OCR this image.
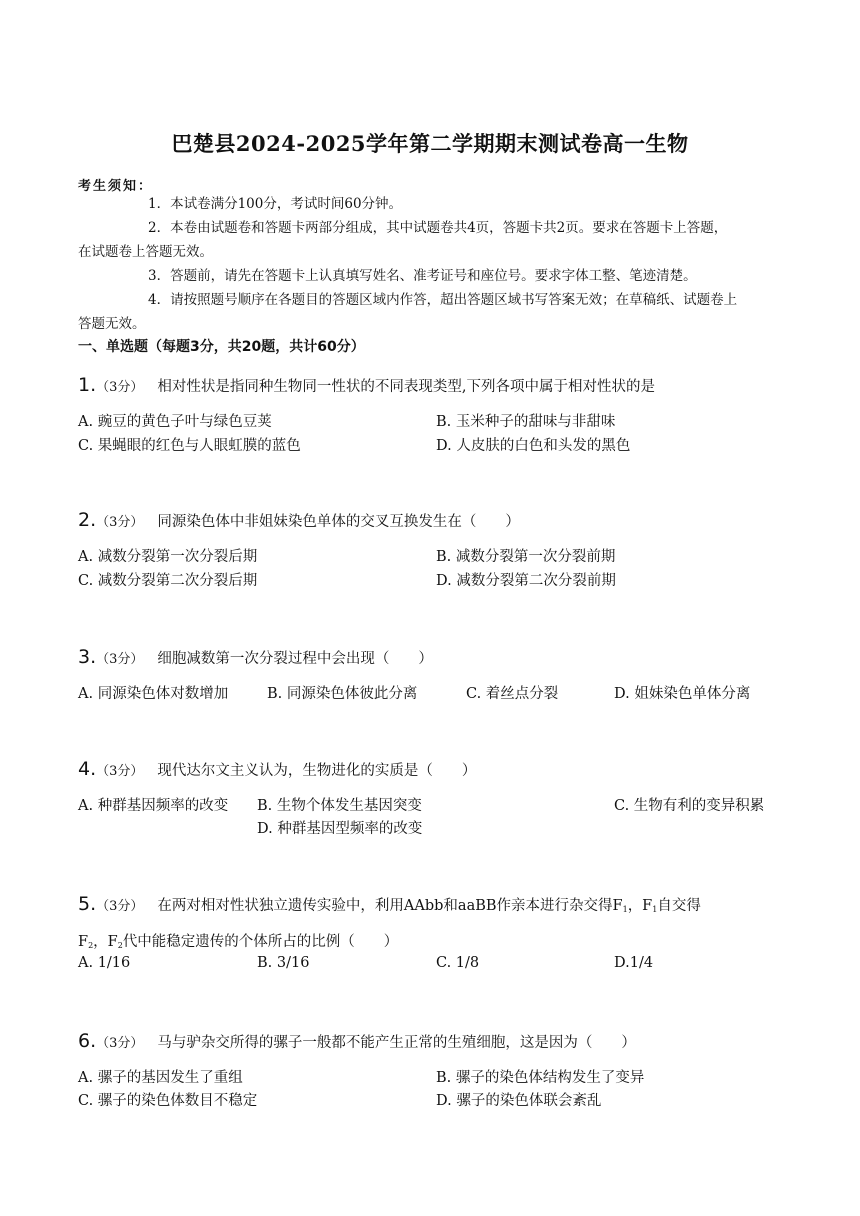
巴楚县2024-2025学年第二学期期末测试卷高一生物
考生须知：
1．本试卷满分100分，考试时间60分钟。
2．本卷由试题卷和答题卡两部分组成，其中试题卷共4页，答题卡共2页。要求在答题卡上答题，
在试题卷上答题无效。
3．答题前，请先在答题卡上认真填写姓名、准考证号和座位号。要求字体工整、笔迹清楚。
4．请按照题号顺序在各题目的答题区域内作答，超出答题区域书写答案无效；在草稿纸、试题卷上
答题无效。
一、单选题（每题3分，共20题，共计60分）
1.（3分） 相对性状是指同种生物同一性状的不同表现类型,下列各项中属于相对性状的是
A. 豌豆的黄色子叶与绿色豆荚	B. 玉米种子的甜味与非甜味
C. 果蝇眼的红色与人眼虹膜的蓝色	D. 人皮肤的白色和头发的黑色
2.（3分） 同源染色体中非姐妹染色单体的交叉互换发生在（　　）
A. 减数分裂第一次分裂后期	B. 减数分裂第一次分裂前期
C. 减数分裂第二次分裂后期	D. 减数分裂第二次分裂前期
3.（3分） 细胞减数第一次分裂过程中会出现（　　）
A. 同源染色体对数增加	B. 同源染色体彼此分离	C. 着丝点分裂	D. 姐妹染色单体分离
4.（3分） 现代达尔文主义认为，生物进化的实质是（　　）
A. 种群基因频率的改变 B. 生物个体发生基因突变	C. 生物有利的变异积累
D. 种群基因型频率的改变
5.（3分） 在两对相对性状独立遗传实验中，利用AAbb和aaBB作亲本进行杂交得$F_1$，$F_1$自交得
$F_2$，$F_2$代中能稳定遗传的个体所占的比例（　　）
A. 1/16	B. 3/16	C. 1/8	D.1/4
6.（3分） 马与驴杂交所得的骡子一般都不能产生正常的生殖细胞，这是因为（　　）
A. 骡子的基因发生了重组	B. 骡子的染色体结构发生了变异
C. 骡子的染色体数目不稳定	D. 骡子的染色体联会紊乱
